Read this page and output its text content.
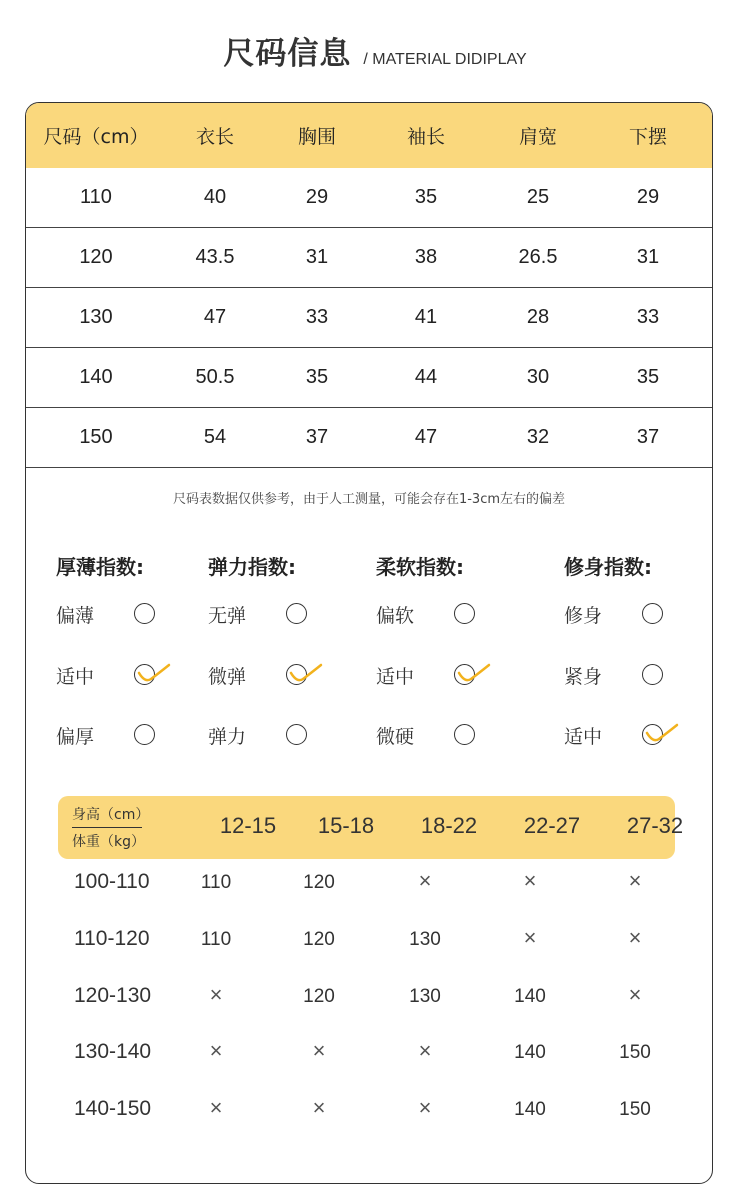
尺码信息 / MATERIAL DIDIPLAY
尺码（cm）	衣长	胸围	袖长	肩宽	下摆
110	40	29	35	25	29
120	43.5	31	38	26.5	31
130	47	33	41	28	33
140	50.5	35	44	30	35
150	54	37	47	32	37
尺码表数据仅供参考，由于人工测量，可能会存在1-3cm左右的偏差
厚薄指数:
偏薄
适中
偏厚
弹力指数:
无弹
微弹
弹力
柔软指数:
偏软
适中
微硬
修身指数:
修身
紧身
适中
身高（cm）
体重（kg）
12-15	15-18	18-22	22-27	27-32
100-110	110	120	×	×	×
110-120	110	120	130	×	×
120-130	×	120	130	140	×
130-140	×	×	×	140	150
140-150	×	×	×	140	150
